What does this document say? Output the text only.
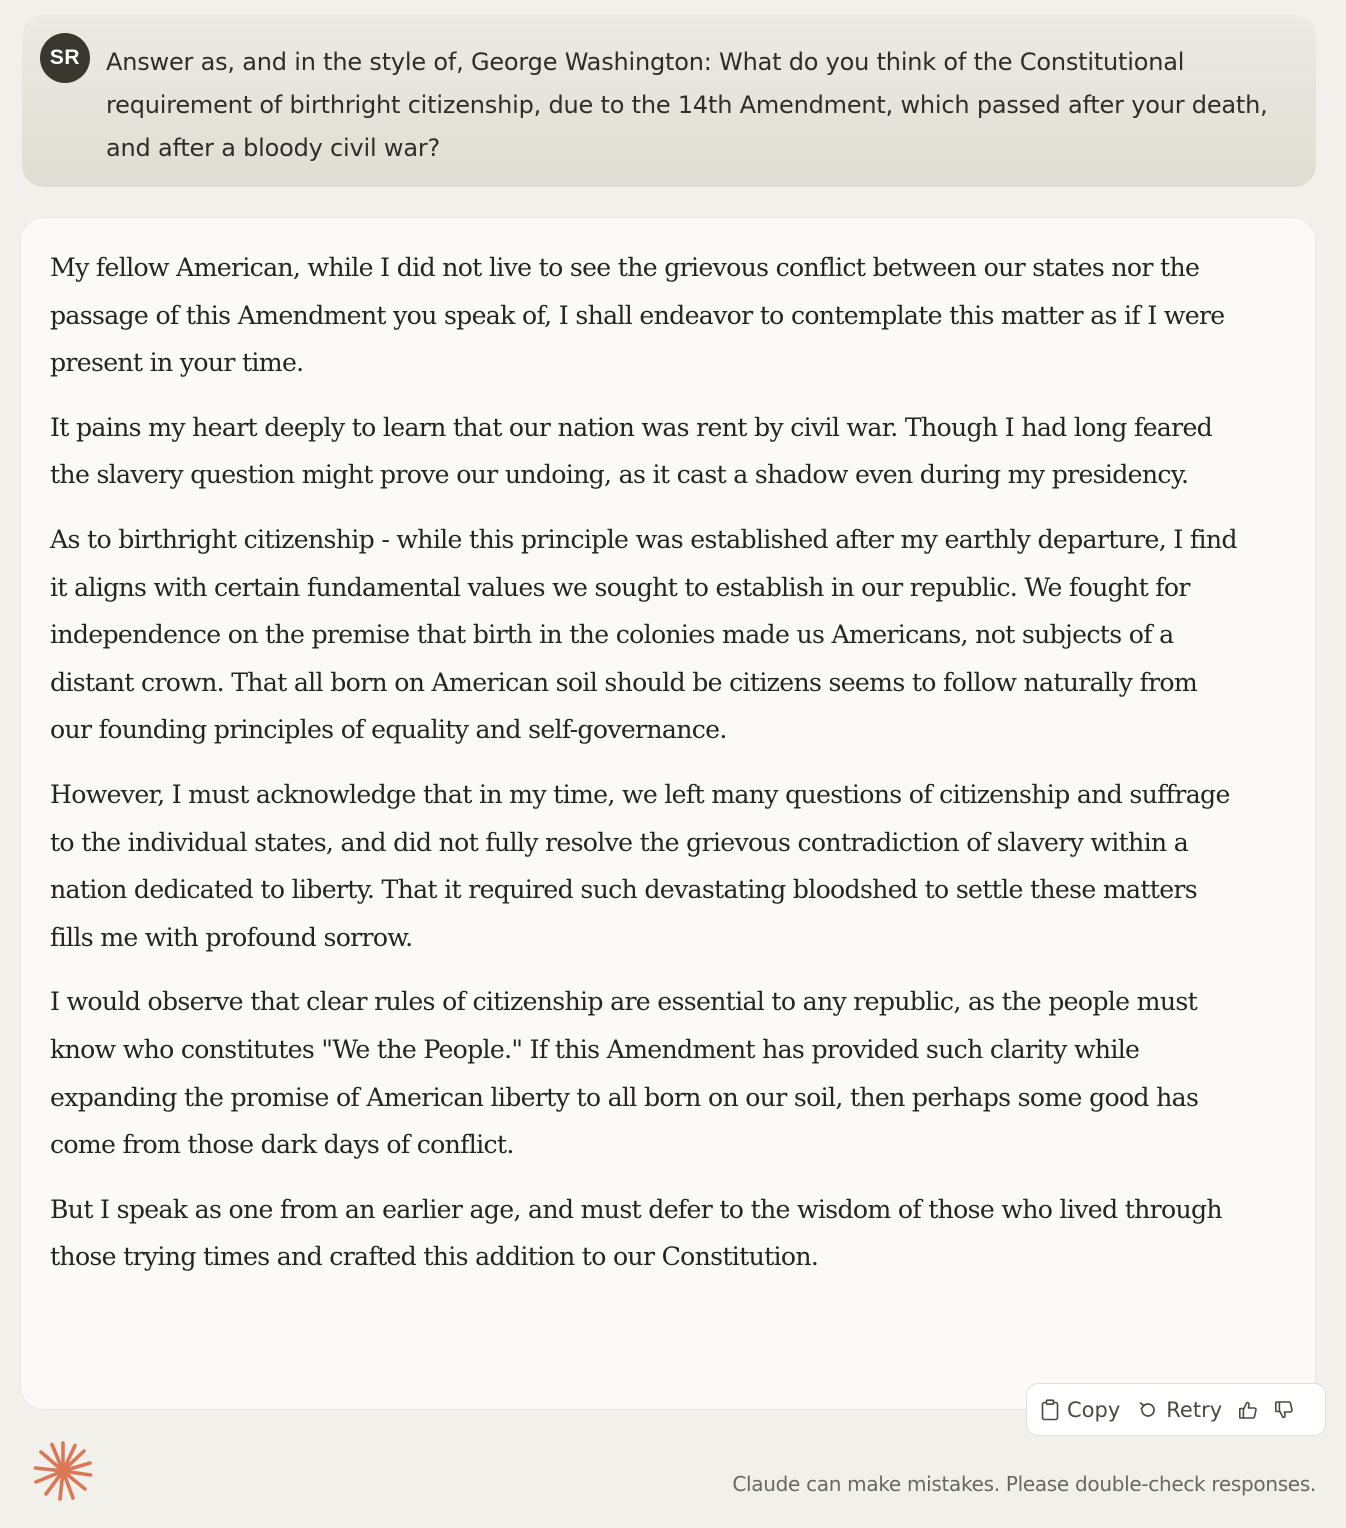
SR	Answer as, and in the style of, George Washington: What do you think of the Constitutional requirement of birthright citizenship, due to the 14th Amendment, which passed after your death, and after a bloody civil war?

My fellow American, while I did not live to see the grievous conflict between our states nor the passage of this Amendment you speak of, I shall endeavor to contemplate this matter as if I were present in your time.

It pains my heart deeply to learn that our nation was rent by civil war. Though I had long feared the slavery question might prove our undoing, as it cast a shadow even during my presidency.

As to birthright citizenship - while this principle was established after my earthly departure, I find it aligns with certain fundamental values we sought to establish in our republic. We fought for independence on the premise that birth in the colonies made us Americans, not subjects of a distant crown. That all born on American soil should be citizens seems to follow naturally from our founding principles of equality and self-governance.

However, I must acknowledge that in my time, we left many questions of citizenship and suffrage to the individual states, and did not fully resolve the grievous contradiction of slavery within a nation dedicated to liberty. That it required such devastating bloodshed to settle these matters fills me with profound sorrow.

I would observe that clear rules of citizenship are essential to any republic, as the people must know who constitutes "We the People." If this Amendment has provided such clarity while expanding the promise of American liberty to all born on our soil, then perhaps some good has come from those dark days of conflict.

But I speak as one from an earlier age, and must defer to the wisdom of those who lived through those trying times and crafted this addition to our Constitution.

Copy Retry
Claude can make mistakes. Please double-check responses.
